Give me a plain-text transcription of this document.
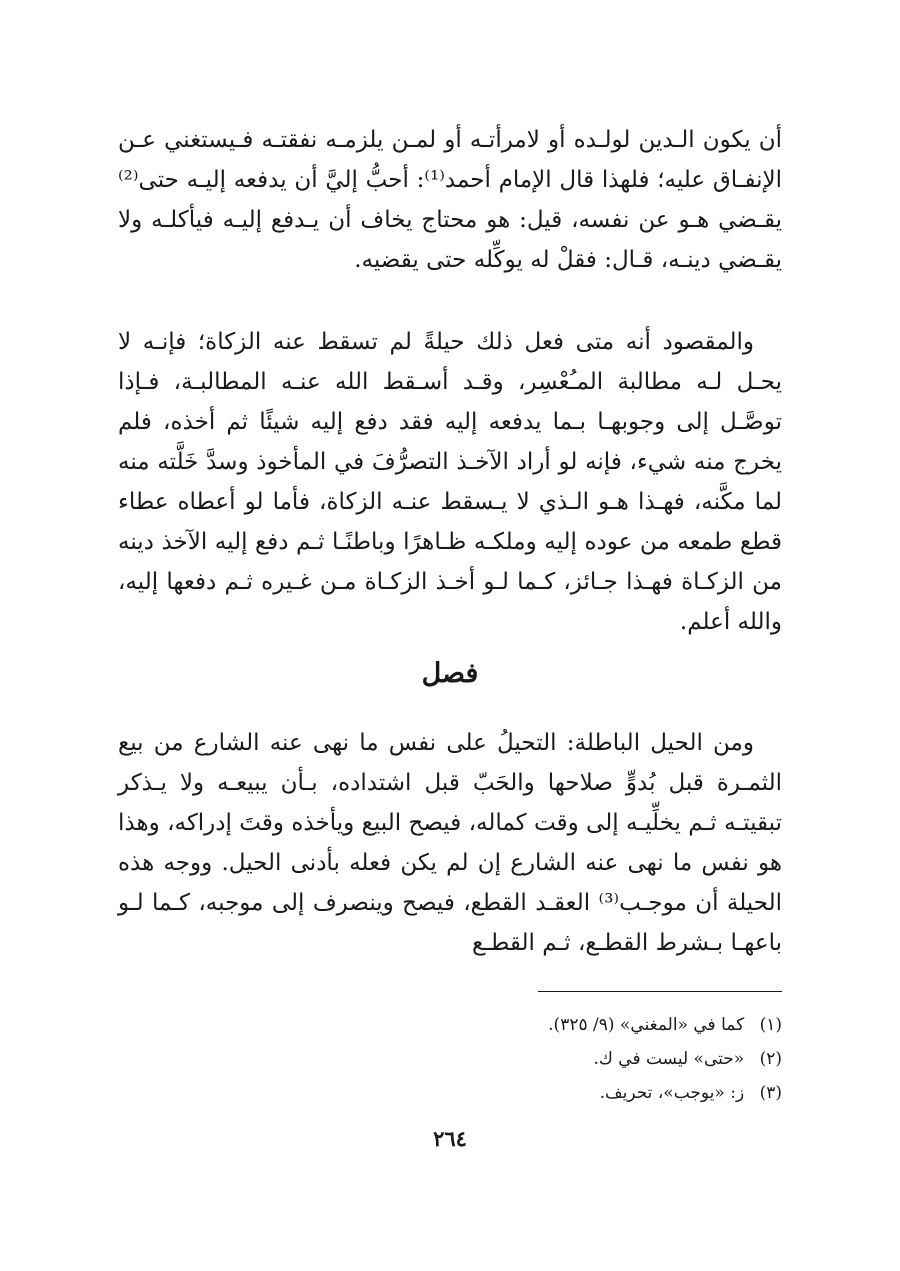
أن يكون الـدين لولـده أو لامرأتـه أو لمـن يلزمـه نفقتـه فـيستغني عـن الإنفـاق عليه؛ فلهذا قال الإمام أحمد⁽¹⁾: أحبُّ إليَّ أن يدفعه إليـه حتى⁽²⁾ يقـضي هـو عن نفسه، قيل: هو محتاج يخاف أن يـدفع إليـه فيأكلـه ولا يقـضي دينـه، قـال: فقلْ له يوكِّله حتى يقضيه.

والمقصود أنه متى فعل ذلك حيلةً لم تسقط عنه الزكاة؛ فإنـه لا يحـل لـه مطالبة المـُعْسِر، وقـد أسـقط الله عنـه المطالبـة، فـإذا توصَّـل إلى وجوبهـا بـما يدفعه إليه فقد دفع إليه شيئًا ثم أخذه، فلم يخرج منه شيء، فإنه لو أراد الآخـذ التصرُّفَ في المأخوذ وسدَّ خَلَّته منه لما مكَّنه، فهـذا هـو الـذي لا يـسقط عنـه الزكاة، فأما لو أعطاه عطاء قطع طمعه من عوده إليه وملكـه ظـاهرًا وباطنًـا ثـم دفع إليه الآخذ دينه من الزكـاة فهـذا جـائز، كـما لـو أخـذ الزكـاة مـن غـيره ثـم دفعها إليه، والله أعلم.

فصل

ومن الحيل الباطلة: التحيلُ على نفس ما نهى عنه الشارع من بيع الثمـرة قبل بُدوٍّ صلاحها والحَبّ قبل اشتداده، بـأن يبيعـه ولا يـذكر تبقيتـه ثـم يخلِّيـه إلى وقت كماله، فيصح البيع ويأخذه وقتَ إدراكه، وهذا هو نفس ما نهى عنه الشارع إن لم يكن فعله بأدنى الحيل. ووجه هذه الحيلة أن موجـب⁽³⁾ العقـد القطع، فيصح وينصرف إلى موجبه، كـما لـو باعهـا بـشرط القطـع، ثـم القطـع

(١) كما في «المغني» (٩/ ٣٢٥).
(٢) «حتى» ليست في ك.
(٣) ز: «يوجب»، تحريف.
٢٦٤
